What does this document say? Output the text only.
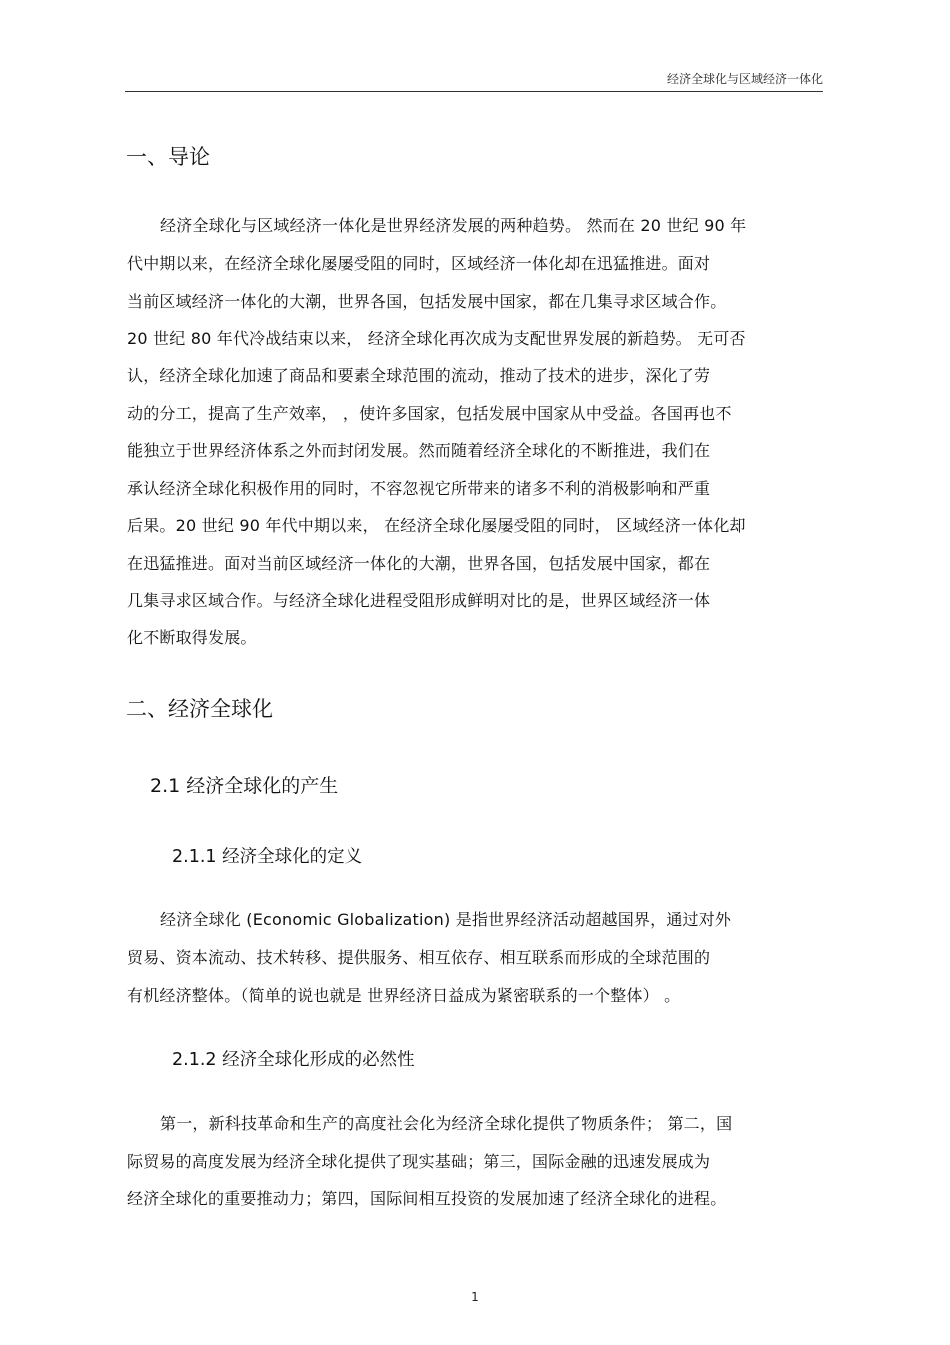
经济全球化与区域经济一体化
一、导论
经济全球化与区域经济一体化是世界经济发展的两种趋势。 然而在 20 世纪 90 年
代中期以来，在经济全球化屡屡受阻的同时，区域经济一体化却在迅猛推进。面对
当前区域经济一体化的大潮，世界各国，包括发展中国家，都在几集寻求区域合作。
20 世纪 80 年代冷战结束以来， 经济全球化再次成为支配世界发展的新趋势。 无可否
认，经济全球化加速了商品和要素全球范围的流动，推动了技术的进步，深化了劳
动的分工，提高了生产效率， ，使许多国家，包括发展中国家从中受益。各国再也不
能独立于世界经济体系之外而封闭发展。然而随着经济全球化的不断推进，我们在
承认经济全球化积极作用的同时，不容忽视它所带来的诸多不利的消极影响和严重
后果。20 世纪 90 年代中期以来， 在经济全球化屡屡受阻的同时， 区域经济一体化却
在迅猛推进。面对当前区域经济一体化的大潮，世界各国，包括发展中国家，都在
几集寻求区域合作。与经济全球化进程受阻形成鲜明对比的是，世界区域经济一体
化不断取得发展。
二、经济全球化
2.1 经济全球化的产生
2.1.1 经济全球化的定义
经济全球化 (Economic Globalization) 是指世界经济活动超越国界，通过对外
贸易、资本流动、技术转移、提供服务、相互依存、相互联系而形成的全球范围的
有机经济整体。（简单的说也就是 世界经济日益成为紧密联系的一个整体） 。
2.1.2 经济全球化形成的必然性
第一，新科技革命和生产的高度社会化为经济全球化提供了物质条件； 第二，国
际贸易的高度发展为经济全球化提供了现实基础；第三，国际金融的迅速发展成为
经济全球化的重要推动力；第四，国际间相互投资的发展加速了经济全球化的进程。
1
